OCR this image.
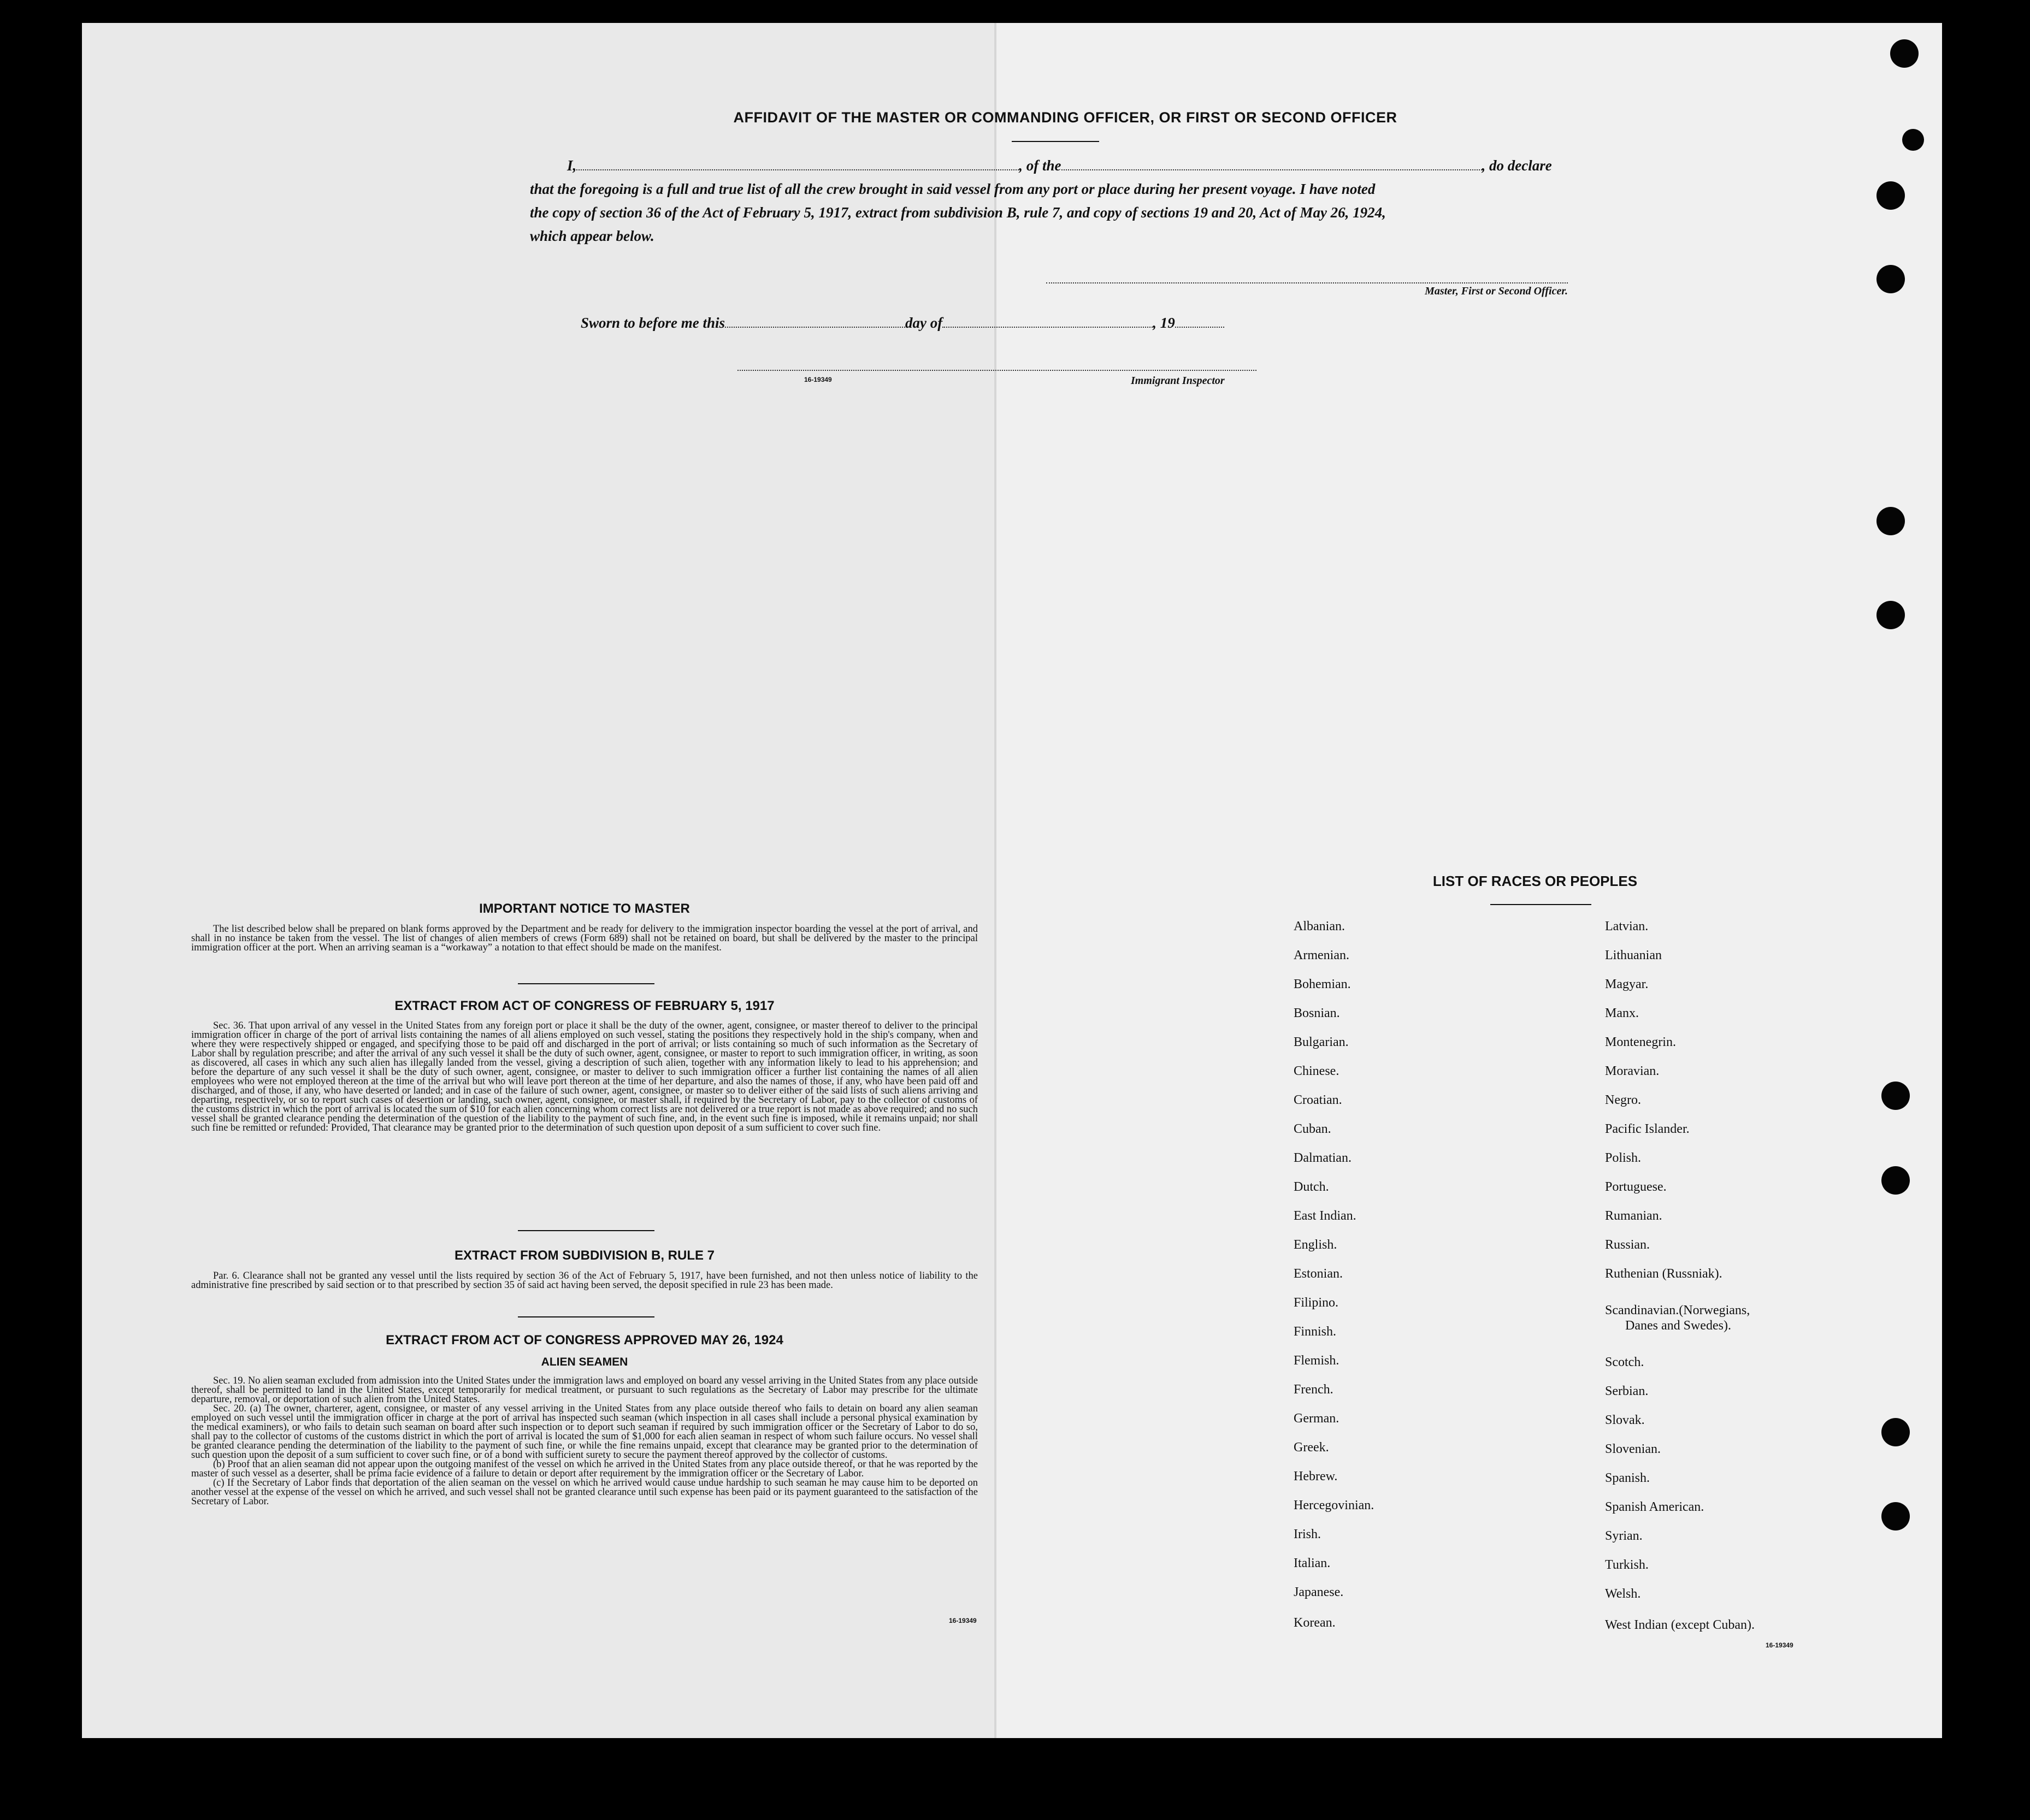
AFFIDAVIT OF THE MASTER OR COMMANDING OFFICER, OR FIRST OR SECOND OFFICER
I,	, of the	, do declare
that the foregoing is a full and true list of all the crew brought in said vessel from any port or place during her present voyage. I have noted
the copy of section 36 of the Act of February 5, 1917, extract from subdivision B, rule 7, and copy of sections 19 and 20, Act of May 26, 1924,
which appear below.
Master, First or Second Officer.
Sworn to before me this	day of	, 19
16-19349	Immigrant Inspector
IMPORTANT NOTICE TO MASTER

The list described below shall be prepared on blank forms approved by the Department and be ready for delivery to the immigration inspector boarding the vessel at the port of arrival, and shall in no instance be taken from the vessel. The list of changes of alien members of crews (Form 689) shall not be retained on board, but shall be delivered by the master to the principal immigration officer at the port. When an arriving seaman is a “workaway” a notation to that effect should be made on the manifest.

EXTRACT FROM ACT OF CONGRESS OF FEBRUARY 5, 1917

Sec. 36. That upon arrival of any vessel in the United States from any foreign port or place it shall be the duty of the owner, agent, consignee, or master thereof to deliver to the principal immigration officer in charge of the port of arrival lists containing the names of all aliens employed on such vessel, stating the positions they respectively hold in the ship's company, when and where they were respectively shipped or engaged, and specifying those to be paid off and discharged in the port of arrival; or lists containing so much of such information as the Secretary of Labor shall by regulation prescribe; and after the arrival of any such vessel it shall be the duty of such owner, agent, consignee, or master to report to such immigration officer, in writing, as soon as discovered, all cases in which any such alien has illegally landed from the vessel, giving a description of such alien, together with any information likely to lead to his apprehension; and before the departure of any such vessel it shall be the duty of such owner, agent, consignee, or master to deliver to such immigration officer a further list containing the names of all alien employees who were not employed thereon at the time of the arrival but who will leave port thereon at the time of her departure, and also the names of those, if any, who have been paid off and discharged, and of those, if any, who have deserted or landed; and in case of the failure of such owner, agent, consignee, or master so to deliver either of the said lists of such aliens arriving and departing, respectively, or so to report such cases of desertion or landing, such owner, agent, consignee, or master shall, if required by the Secretary of Labor, pay to the collector of customs of the customs district in which the port of arrival is located the sum of $10 for each alien concerning whom correct lists are not delivered or a true report is not made as above required; and no such vessel shall be granted clearance pending the determination of the question of the liability to the payment of such fine, and, in the event such fine is imposed, while it remains unpaid; nor shall such fine be remitted or refunded: Provided, That clearance may be granted prior to the determination of such question upon deposit of a sum sufficient to cover such fine.

EXTRACT FROM SUBDIVISION B, RULE 7

Par. 6. Clearance shall not be granted any vessel until the lists required by section 36 of the Act of February 5, 1917, have been furnished, and not then unless notice of liability to the administrative fine prescribed by said section or to that prescribed by section 35 of said act having been served, the deposit specified in rule 23 has been made.

EXTRACT FROM ACT OF CONGRESS APPROVED MAY 26, 1924
ALIEN SEAMEN

Sec. 19. No alien seaman excluded from admission into the United States under the immigration laws and employed on board any vessel arriving in the United States from any place outside thereof, shall be permitted to land in the United States, except temporarily for medical treatment, or pursuant to such regulations as the Secretary of Labor may prescribe for the ultimate departure, removal, or deportation of such alien from the United States.

Sec. 20. (a) The owner, charterer, agent, consignee, or master of any vessel arriving in the United States from any place outside thereof who fails to detain on board any alien seaman employed on such vessel until the immigration officer in charge at the port of arrival has inspected such seaman (which inspection in all cases shall include a personal physical examination by the medical examiners), or who fails to detain such seaman on board after such inspection or to deport such seaman if required by such immigration officer or the Secretary of Labor to do so, shall pay to the collector of customs of the customs district in which the port of arrival is located the sum of $1,000 for each alien seaman in respect of whom such failure occurs. No vessel shall be granted clearance pending the determination of the liability to the payment of such fine, or while the fine remains unpaid, except that clearance may be granted prior to the determination of such question upon the deposit of a sum sufficient to cover such fine, or of a bond with sufficient surety to secure the payment thereof approved by the collector of customs.

(b) Proof that an alien seaman did not appear upon the outgoing manifest of the vessel on which he arrived in the United States from any place outside thereof, or that he was reported by the master of such vessel as a deserter, shall be prima facie evidence of a failure to detain or deport after requirement by the immigration officer or the Secretary of Labor.

(c) If the Secretary of Labor finds that deportation of the alien seaman on the vessel on which he arrived would cause undue hardship to such seaman he may cause him to be deported on another vessel at the expense of the vessel on which he arrived, and such vessel shall not be granted clearance until such expense has been paid or its payment guaranteed to the satisfaction of the Secretary of Labor.

16-19349
LIST OF RACES OR PEOPLES
Albanian.
Armenian.
Bohemian.
Bosnian.
Bulgarian.
Chinese.
Croatian.
Cuban.
Dalmatian.
Dutch.
East Indian.
English.
Estonian.
Filipino.
Finnish.
Flemish.
French.
German.
Greek.
Hebrew.
Hercegovinian.
Irish.
Italian.
Japanese.
Korean.
Latvian.
Lithuanian
Magyar.
Manx.
Montenegrin.
Moravian.
Negro.
Pacific Islander.
Polish.
Portuguese.
Rumanian.
Russian.
Ruthenian (Russniak).
Scandinavian.(Norwegians,
Danes and Swedes).
Scotch.
Serbian.
Slovak.
Slovenian.
Spanish.
Spanish American.
Syrian.
Turkish.
Welsh.
West Indian (except Cuban).
16-19349
